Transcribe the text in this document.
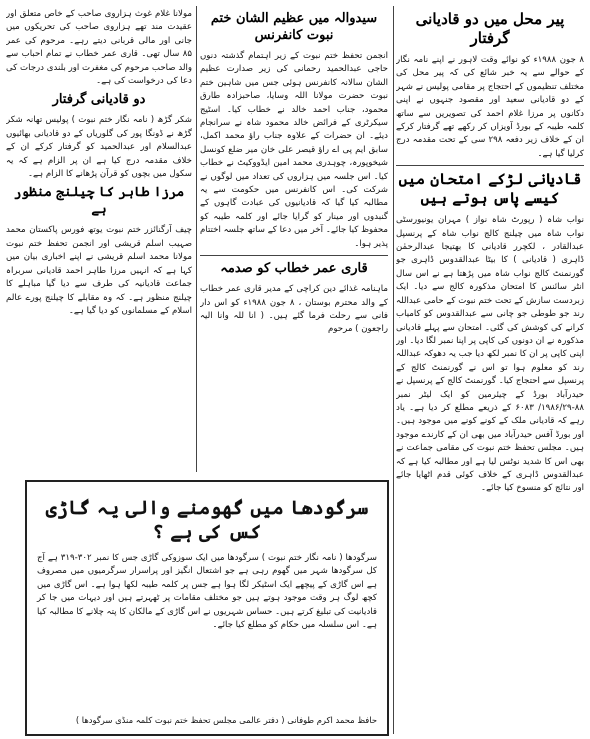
پیر محل میں دو قادیانی گرفتار

۸ جون ۱۹۸۸ء کو نوائے وقت لاہور نے اپنے نامہ نگار کے حوالے سے یہ خبر شائع کی کہ پیر محل کی مختلف تنظیموں کے احتجاج پر مقامی پولیس نے شہر کے دو قادیانی سعید اور مقصود جنہوں نے اپنی دکانوں پر مرزا غلام احمد کی تصویریں سے ساتھ کلمہ طیبہ کے بورڈ آویزاں کر رکھے تھے گرفتار کرکے ان کے خلاف زیر دفعہ ۲۹۸ سی کے تحت مقدمہ درج کرلیا گیا ہے۔

قادیانی لڑکے امتحان میں کیسے پاس ہوتے ہیں

نواب شاہ ( رپورٹ شاہ نواز ) مہران یونیورسٹی نواب شاہ میں چیلنج کالج نواب شاہ کے پرنسپل عبدالقادر ، لکچرر قادیانی کا بھتیجا عبدالرحمٰن ڈاہری ( قادیانی ) کا بیٹا عبدالقدوس ڈاہری جو گورنمنٹ کالج نواب شاہ میں پڑھتا ہے نے اس سال انٹر سائنس کا امتحان مذکورہ کالج سے دیا۔ ایک زبردست سازش کے تحت ختم نبوت کے حامی عبداللہ رند جو طوطی جو چانی سے عبدالقدوس کو کامیاب کرانے کی کوشش کی گئی۔ امتحان سے پہلے قادیانی مذکورہ نے ان دونوں کی کاپی پر اپنا نمبر لگا دیا۔ اور اپنی کاپی پر ان کا نمبر لکھ دیا جب یہ دھوکہ عبداللہ رند کو معلوم ہوا تو اس نے گورنمنٹ کالج کے پرنسپل سے احتجاج کیا۔ گورنمنٹ کالج کے پرنسپل نے حیدرآباد بورڈ کے چیئرمین کو ایک لیٹر نمبر ۸۸-۱۹۸۶/۲۹/ ۶۰۸۳ کے ذریعے مطلع کر دیا ہے۔ یاد رہے کہ قادیانی ملک کے کونے کونے میں موجود ہیں۔ اور بورڈ آفس حیدرآباد میں بھی ان کے کارندے موجود ہیں۔ مجلس تحفظ ختم نبوت کی مقامی جماعت نے بھی اس کا شدید نوٹس لیا ہے اور مطالبہ کیا ہے کہ عبدالقدوس ڈاہری کے خلاف کوئی قدم اٹھایا جائے اور نتائج کو منسوخ کیا جائے۔

سیدوالہ میں عظیم الشان ختم نبوت کانفرنس

انجمن تحفظ ختم نبوت کے زیر اہتمام گذشتہ دنوں حاجی عبدالحمید رحمانی کی زیر صدارت عظیم الشان سالانہ کانفرنس ہوئی جس میں شاہین ختم نبوت حضرت مولانا اللہ وسایا، صاحبزادہ طارق محمود، جناب احمد خالد نے خطاب کیا۔ اسٹیج سیکرٹری کے فرائض خالد محمود شاہ نے سرانجام دیئے۔ ان حضرات کے علاوہ جناب راؤ محمد اکمل، سابق ایم پی اے راؤ قیصر علی خان میر ضلع کونسل شیخوپورہ، چوہدری محمد امین ایڈووکیٹ نے خطاب کیا۔ اس جلسہ میں ہزاروں کی تعداد میں لوگوں نے شرکت کی۔ اس کانفرنس میں حکومت سے یہ مطالبہ کیا گیا کہ قادیانیوں کی عبادت گاہوں کے گنبدوں اور مینار کو گرایا جائے اور کلمہ طیبہ کو محفوظ کیا جائے۔ آخر میں دعا کے ساتھ جلسہ اختتام پذیر ہوا۔

قاری عمر خطاب کو صدمہ

ماہنامہ غذائے دین کراچی کے مدیر قاری عمر خطاب کے والد محترم بوستان ، ۸ جون ۱۹۸۸ء کو اس دار فانی سے رحلت فرما گئے ہیں۔ ( انا للہ وانا الیہ راجعون ) مرحوم

مولانا غلام غوث ہزاروی صاحب کے خاص متعلق اور عقیدت مند تھے ہزاروی صاحب کی تحریکوں میں جانی اور مالی قربانی دیتے رہے۔ مرحوم کی عمر ۸۵ سال تھی۔ قاری عمر خطاب نے تمام احباب سے والد صاحب مرحوم کی مغفرت اور بلندی درجات کی دعا کی درخواست کی ہے۔

دو قادیانی گرفتار

شکر گڑھ ( نامہ نگار ختم نبوت ) پولیس تھانہ شکر گڑھ نے ڈونگا پور کی گلوریاں کے دو قادیانی بھائیوں عبدالسلام اور عبدالحمید کو گرفتار کرکے ان کے خلاف مقدمہ درج کیا ہے ان پر الزام ہے کہ یہ سکول میں بچوں کو قرآن پڑھانے کا الزام ہے۔

مرزا طاہر کا چیلنج منظور ہے

چیف آرگنائزر ختم نبوت یوتھ فورس پاکستان محمد صہیب اسلم قریشی اور انجمن تحفظ ختم نبوت مولانا محمد اسلم قریشی نے اپنے اخباری بیان میں کہا ہے کہ انہیں مرزا طاہر احمد قادیانی سربراہ جماعت قادیانیہ کی طرف سے دیا گیا مباہلے کا چیلنج منظور ہے۔ کہ وہ مقابلے کا چیلنج پورے عالم اسلام کے مسلمانوں کو دیا گیا ہے۔

سرگودھا میں گھومنے والی یہ گاڑی کس کی ہے ؟

سرگودھا ( نامہ نگار ختم نبوت ) سرگودھا میں ایک سوزوکی گاڑی جس کا نمبر ۳۰۲-۳۱۹ ہے آج کل سرگودھا شہر میں گھوم رہی ہے جو اشتعال انگیز اور پراسرار سرگرمیوں میں مصروف ہے اس گاڑی کے پیچھے ایک اسٹیکر لگا ہوا ہے جس پر کلمہ طیبہ لکھا ہوا ہے۔ اس گاڑی میں کچھ لوگ ہر وقت موجود ہوتے ہیں جو مختلف مقامات پر ٹھہرتے ہیں اور دیہات میں جا کر قادیانیت کی تبلیغ کرتے ہیں۔ حساس شہریوں نے اس گاڑی کے مالکان کا پتہ چلانے کا مطالبہ کیا ہے۔ اس سلسلہ میں حکام کو مطلع کیا جائے۔

حافظ محمد اکرم طوفانی ( دفتر عالمی مجلس تحفظ ختم نبوت کلمہ منڈی سرگودھا )
